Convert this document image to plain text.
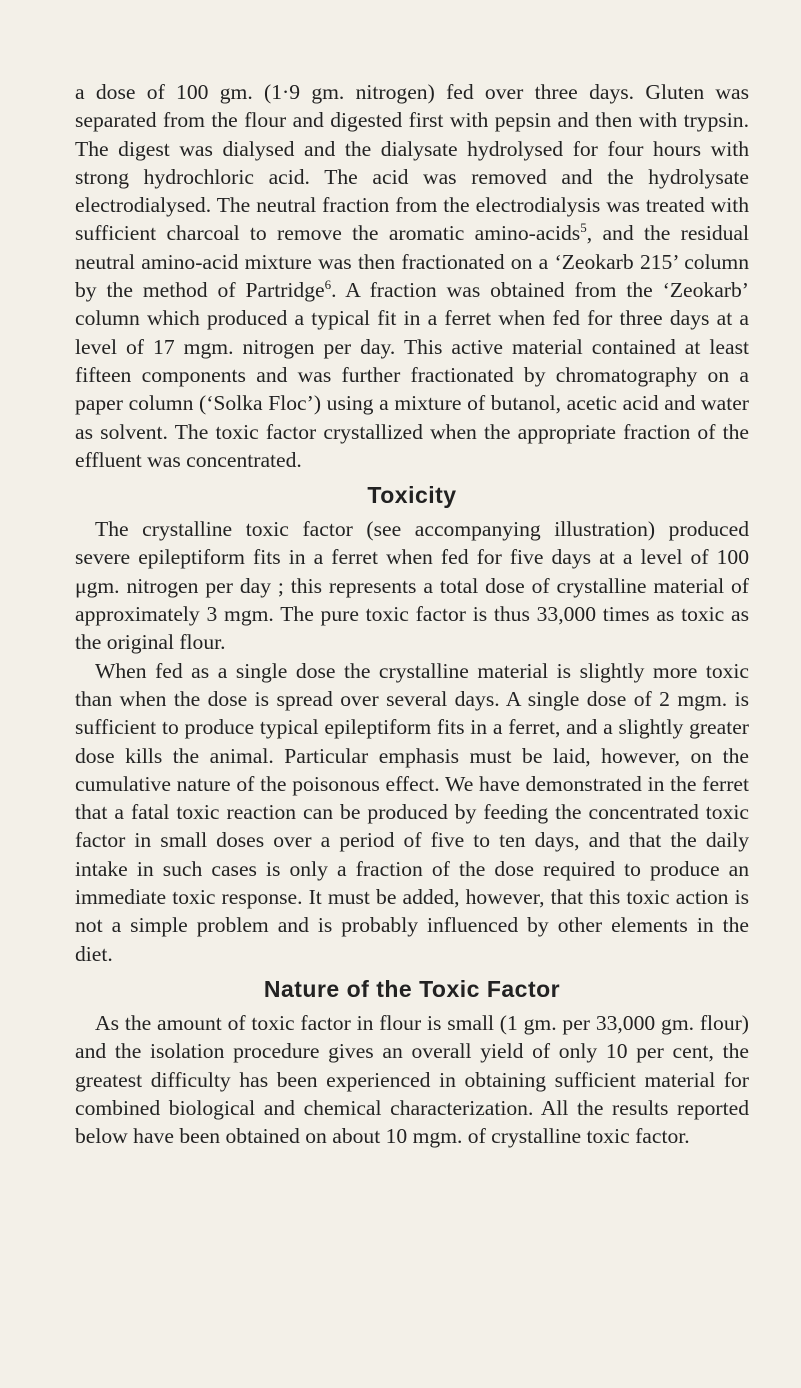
a dose of 100 gm. (1·9 gm. nitrogen) fed over three days. Gluten was separated from the flour and digested first with pepsin and then with trypsin. The digest was dialysed and the dialysate hydrolysed for four hours with strong hydrochloric acid. The acid was removed and the hydrolysate electrodialysed. The neutral fraction from the electrodialysis was treated with sufficient charcoal to remove the aromatic amino-acids$^5$, and the residual neutral amino-acid mixture was then fractionated on a ‘Zeokarb 215’ column by the method of Partridge$^6$. A fraction was obtained from the ‘Zeokarb’ column which produced a typical fit in a ferret when fed for three days at a level of 17 mgm. nitrogen per day. This active material contained at least fifteen components and was further fractionated by chromatography on a paper column (‘Solka Floc’) using a mixture of butanol, acetic acid and water as solvent. The toxic factor crystallized when the appropriate fraction of the effluent was concentrated.

Toxicity

The crystalline toxic factor (see accompanying illustration) produced severe epileptiform fits in a ferret when fed for five days at a level of 100 μgm. nitrogen per day ; this represents a total dose of crystalline material of approximately 3 mgm. The pure toxic factor is thus 33,000 times as toxic as the original flour.

When fed as a single dose the crystalline material is slightly more toxic than when the dose is spread over several days. A single dose of 2 mgm. is sufficient to produce typical epileptiform fits in a ferret, and a slightly greater dose kills the animal. Particular emphasis must be laid, however, on the cumulative nature of the poisonous effect. We have demonstrated in the ferret that a fatal toxic reaction can be produced by feeding the concentrated toxic factor in small doses over a period of five to ten days, and that the daily intake in such cases is only a fraction of the dose required to produce an immediate toxic response. It must be added, however, that this toxic action is not a simple problem and is probably influenced by other elements in the diet.

Nature of the Toxic Factor

As the amount of toxic factor in flour is small (1 gm. per 33,000 gm. flour) and the isolation procedure gives an overall yield of only 10 per cent, the greatest difficulty has been experienced in obtaining sufficient material for combined biological and chemical characterization. All the results reported below have been obtained on about 10 mgm. of crystalline toxic factor.
